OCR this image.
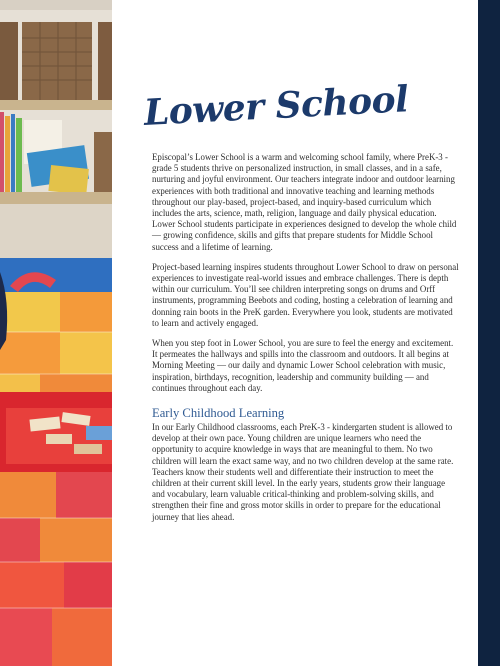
Lower School

Episcopal’s Lower School is a warm and welcoming school family, where PreK-3 - grade 5 students thrive on personalized instruction, in small classes, and in a safe, nurturing and joyful environment. Our teachers integrate indoor and outdoor learning experiences with both traditional and innovative teaching and learning methods throughout our play-based, project-based, and inquiry-based curriculum which includes the arts, science, math, religion, language and daily physical education. Lower School students participate in experiences designed to develop the whole child — growing confidence, skills and gifts that prepare students for Middle School success and a lifetime of learning.

Project-based learning inspires students throughout Lower School to draw on personal experiences to investigate real-world issues and embrace challenges. There is depth within our curriculum. You’ll see children interpreting songs on drums and Orff instruments, programming Beebots and coding, hosting a celebration of learning and donning rain boots in the PreK garden. Everywhere you look, students are motivated to learn and actively engaged.

When you step foot in Lower School, you are sure to feel the energy and excitement. It permeates the hallways and spills into the classroom and outdoors. It all begins at Morning Meeting — our daily and dynamic Lower School celebration with music, inspiration, birthdays, recognition, leadership and community building — and continues throughout each day.

Early Childhood Learning

In our Early Childhood classrooms, each PreK-3 - kindergarten student is allowed to develop at their own pace. Young children are unique learners who need the opportunity to acquire knowledge in ways that are meaningful to them. No two children will learn the exact same way, and no two children develop at the same rate. Teachers know their students well and differentiate their instruction to meet the children at their current skill level. In the early years, students grow their language and vocabulary, learn valuable critical-thinking and problem-solving skills, and strengthen their fine and gross motor skills in order to prepare for the educational journey that lies ahead.
